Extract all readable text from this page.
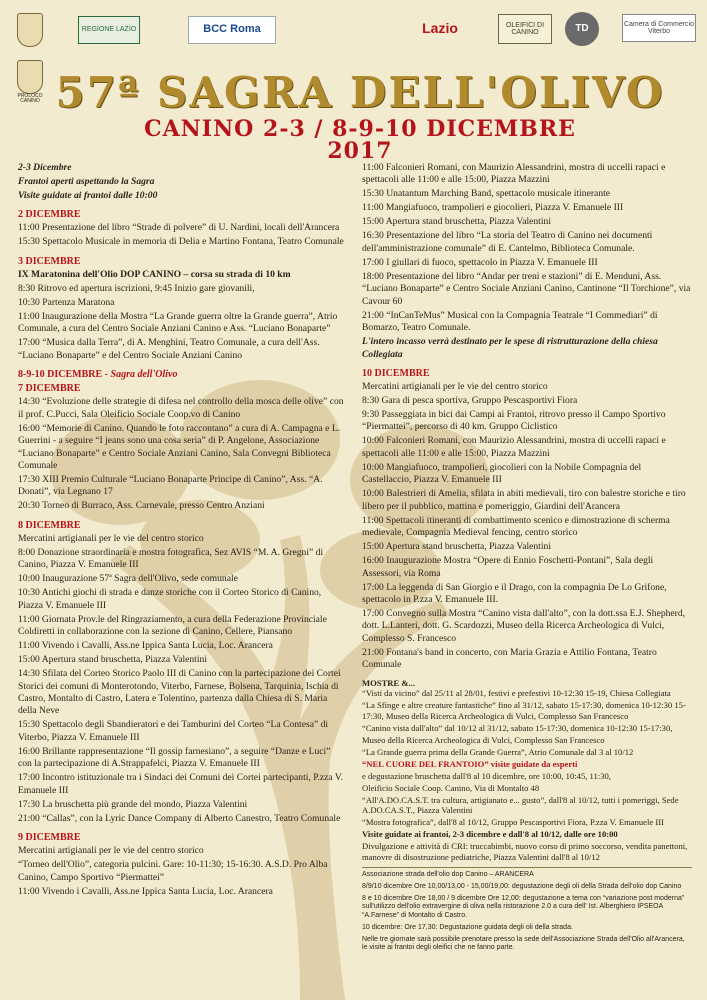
REGIONE LAZIO	BCC Roma	Lazio	OLEIFICI DI CANINO	TD	Camera di Commercio Viterbo
PROLOCO CANINO 57ª SAGRA DELL'OLIVO
CANINO 2-3 / 8-9-10 DICEMBRE 2017

2-3 Dicembre

Frantoi aperti aspettando la Sagra

Visite guidate ai frantoi dalle 10:00

2 DICEMBRE

11:00 Presentazione del libro “Strade di polvere” di U. Nardini, locali dell'Arancera

15:30 Spettacolo Musicale in memoria di Delia e Martino Fontana, Teatro Comunale

3 DICEMBRE

IX Maratonina dell'Olio DOP CANINO – corsa su strada di 10 km

8:30 Ritrovo ed apertura iscrizioni, 9:45 Inizio gare giovanili,

10:30 Partenza Maratona

11:00 Inaugurazione della Mostra “La Grande guerra oltre la Grande guerra”, Atrio Comunale, a cura del Centro Sociale Anziani Canino e Ass. “Luciano Bonaparte”

17:00 “Musica dalla Terra”, di A. Menghini, Teatro Comunale, a cura dell'Ass. “Luciano Bonaparte” e del Centro Sociale Anziani Canino

8-9-10 DICEMBRE - Sagra dell'Olivo

7 DICEMBRE

14:30 “Evoluzione delle strategie di difesa nel controllo della mosca delle olive” con il prof. C.Pucci, Sala Oleificio Sociale Coop.vo di Canino

16:00 “Memorie di Canino. Quando le foto raccontano” a cura di A. Campagna e L. Guerrini - a seguire “I jeans sono una cosa seria” di P. Angelone, Associazione “Luciano Bonaparte” e Centro Sociale Anziani Canino, Sala Convegni Biblioteca Comunale

17:30 XIII Premio Culturale “Luciano Bonaparte Principe di Canino”, Ass. “A. Donati”, via Legnano 17

20:30 Torneo di Burraco, Ass. Carnevale, presso Centro Anziani

8 DICEMBRE

Mercatini artigianali per le vie del centro storico

8:00 Donazione straordinaria e mostra fotografica, Sez AVIS “M. A. Gregni” di Canino, Piazza V. Emanuele III

10:00 Inaugurazione 57ª Sagra dell'Olivo, sede comunale

10:30 Antichi giochi di strada e danze storiche con il Corteo Storico di Canino, Piazza V. Emanuele III

11:00 Giornata Prov.le del Ringraziamento, a cura della Federazione Provinciale Coldiretti in collaborazione con la sezione di Canino, Cellere, Piansano

11:00 Vivendo i Cavalli, Ass.ne Ippica Santa Lucia, Loc. Arancera

15:00 Apertura stand bruschetta, Piazza Valentini

14:30 Sfilata del Corteo Storico Paolo III di Canino con la partecipazione dei Cortei Storici dei comuni di Monterotondo, Viterbo, Farnese, Bolsena, Tarquinia, Ischia di Castro, Montalto di Castro, Latera e Tolentino, partenza dalla Chiesa di S. Maria della Neve

15:30 Spettacolo degli Sbandieratori e dei Tamburini del Corteo “La Contesa” di Viterbo, Piazza V. Emanuele III

16:00 Brillante rappresentazione “Il gossip farnesiano”, a seguire “Danze e Luci” con la partecipazione di A.Strappafelci, Piazza V. Emanuele III

17:00 Incontro istituzionale tra i Sindaci dei Comuni dei Cortei partecipanti, P.zza V. Emanuele III

17:30 La bruschetta più grande del mondo, Piazza Valentini

21:00 “Callas”, con la Lyric Dance Company di Alberto Canestro, Teatro Comunale

9 DICEMBRE

Mercatini artigianali per le vie del centro storico

“Torneo dell'Olio”, categoria pulcini. Gare: 10-11:30; 15-16:30. A.S.D. Pro Alba Canino, Campo Sportivo “Piermattei”

11:00 Vivendo i Cavalli, Ass.ne Ippica Santa Lucia, Loc. Arancera

11:00 Falconieri Romani, con Maurizio Alessandrini, mostra di uccelli rapaci e spettacoli alle 11:00 e alle 15:00, Piazza Mazzini

15:30 Unatantum Marching Band, spettacolo musicale itinerante

11:00 Mangiafuoco, trampolieri e giocolieri, Piazza V. Emanuele III

15:00 Apertura stand bruschetta, Piazza Valentini

16:30 Presentazione del libro “La storia del Teatro di Canino nei documenti dell'amministrazione comunale” di E. Cantelmo, Biblioteca Comunale.

17:00 I giullari di fuoco, spettacolo in Piazza V. Emanuele III

18:00 Presentazione del libro “Andar per treni e stazioni” di E. Menduni, Ass. “Luciano Bonaparte” e Centro Sociale Anziani Canino, Cantinone “Il Torchione”, via Cavour 60

21:00 “InCanTeMus” Musical con la Compagnia Teatrale “I Commediari” di Bomarzo, Teatro Comunale.

L'intero incasso verrà destinato per le spese di ristrutturazione della chiesa Collegiata

10 DICEMBRE

Mercatini artigianali per le vie del centro storico

8:30 Gara di pesca sportiva, Gruppo Pescasportivi Fiora

9:30 Passeggiata in bici dai Campi ai Frantoi, ritrovo presso il Campo Sportivo “Piermattei”, percorso di 40 km. Gruppo Ciclistico

10:00 Falconieri Romani, con Maurizio Alessandrini, mostra di uccelli rapaci e spettacoli alle 11:00 e alle 15:00, Piazza Mazzini

10:00 Mangiafuoco, trampolieri, giocolieri con la Nobile Compagnia del Castellaccio, Piazza V. Emanuele III

10:00 Balestrieri di Amelia, sfilata in abiti medievali, tiro con balestre storiche e tiro libero per il pubblico, mattina e pomeriggio, Giardini dell'Arancera

11:00 Spettacoli itineranti di combattimento scenico e dimostrazione di scherma medievale, Compagnia Medieval fencing, centro storico

15:00 Apertura stand bruschetta, Piazza Valentini

16:00 Inaugurazione Mostra “Opere di Ennio Foschetti-Pontani”, Sala degli Assessori, via Roma

17:00 La leggenda di San Giorgio e il Drago, con la compagnia De Lo Grifone, spettacolo in P.zza V. Emanuele III.

17:00 Convegno sulla Mostra “Canino vista dall'alto”, con la dott.ssa E.J. Shepherd, dott. L.Lanteri, dott. G. Scardozzi, Museo della Ricerca Archeologica di Vulci, Complesso S. Francesco

21:00 Fontana's band in concerto, con Maria Grazia e Attilio Fontana, Teatro Comunale

MOSTRE &...

“Visti da vicino” dal 25/11 al 28/01, festivi e prefestivi 10-12:30 15-19, Chiesa Collegiata

“La Sfinge e altre creature fantastiche” fino al 31/12, sabato 15-17:30, domenica 10-12:30 15-17:30, Museo della Ricerca Archeologica di Vulci, Complesso San Francesco

“Canino vista dall'alto” dal 10/12 al 31/12, sabato 15-17:30, domenica 10-12:30 15-17:30,

Museo della Ricerca Archeologica di Vulci, Complesso San Francesco

“La Grande guerra prima della Grande Guerra”, Atrio Comunale dal 3 al 10/12

“NEL CUORE DEL FRANTOIO” visite guidate da esperti

e degustazione bruschetta dall'8 al 10 dicembre, ore 10:00, 10:45, 11:30,

Oleificio Sociale Coop. Canino, Via di Montalto 48

“All'A.DO.CA.S.T. tra cultura, artigianato e... gusto”, dall'8 al 10/12, tutti i pomeriggi, Sede A.DO.CA.S.T., Piazza Valentini

“Mostra fotografica”, dall'8 al 10/12, Gruppo Pescasportivi Fiora, P.zza V. Emanuele III

Visite guidate ai frantoi, 2-3 dicembre e dall'8 al 10/12, dalle ore 10:00

Divulgazione e attività di CRI: truccabimbi, nuovo corso di primo soccorso, vendita panettoni, manovre di disostruzione pediatriche, Piazza Valentini dall'8 al 10/12

Associazione strada dell'olio dop Canino – ARANCERA

8/9/10 dicembre Ore 10,00/13,00 - 15,00/19,00: degustazione degli oli della Strada dell'olio dop Canino

8 e 10 dicembre Ore 18,00 / 9 dicembre Ore 12,00: degustazione a tema con “variazione post moderna” sull'utilizzo dell'olio extravergine di oliva nella ristorazione 2.0 a cura dell' Ist. Alberghiero IPSEOA “A.Farnese” di Montalto di Castro.

10 dicembre: Ore 17,30: Degustazione guidata degli oli della strada.

Nelle tre giornate sarà possibile prenotare presso la sede dell'Associazione Strada dell'Olio all'Arancera, le visite ai frantoi degli oleifici che ne fanno parte.
